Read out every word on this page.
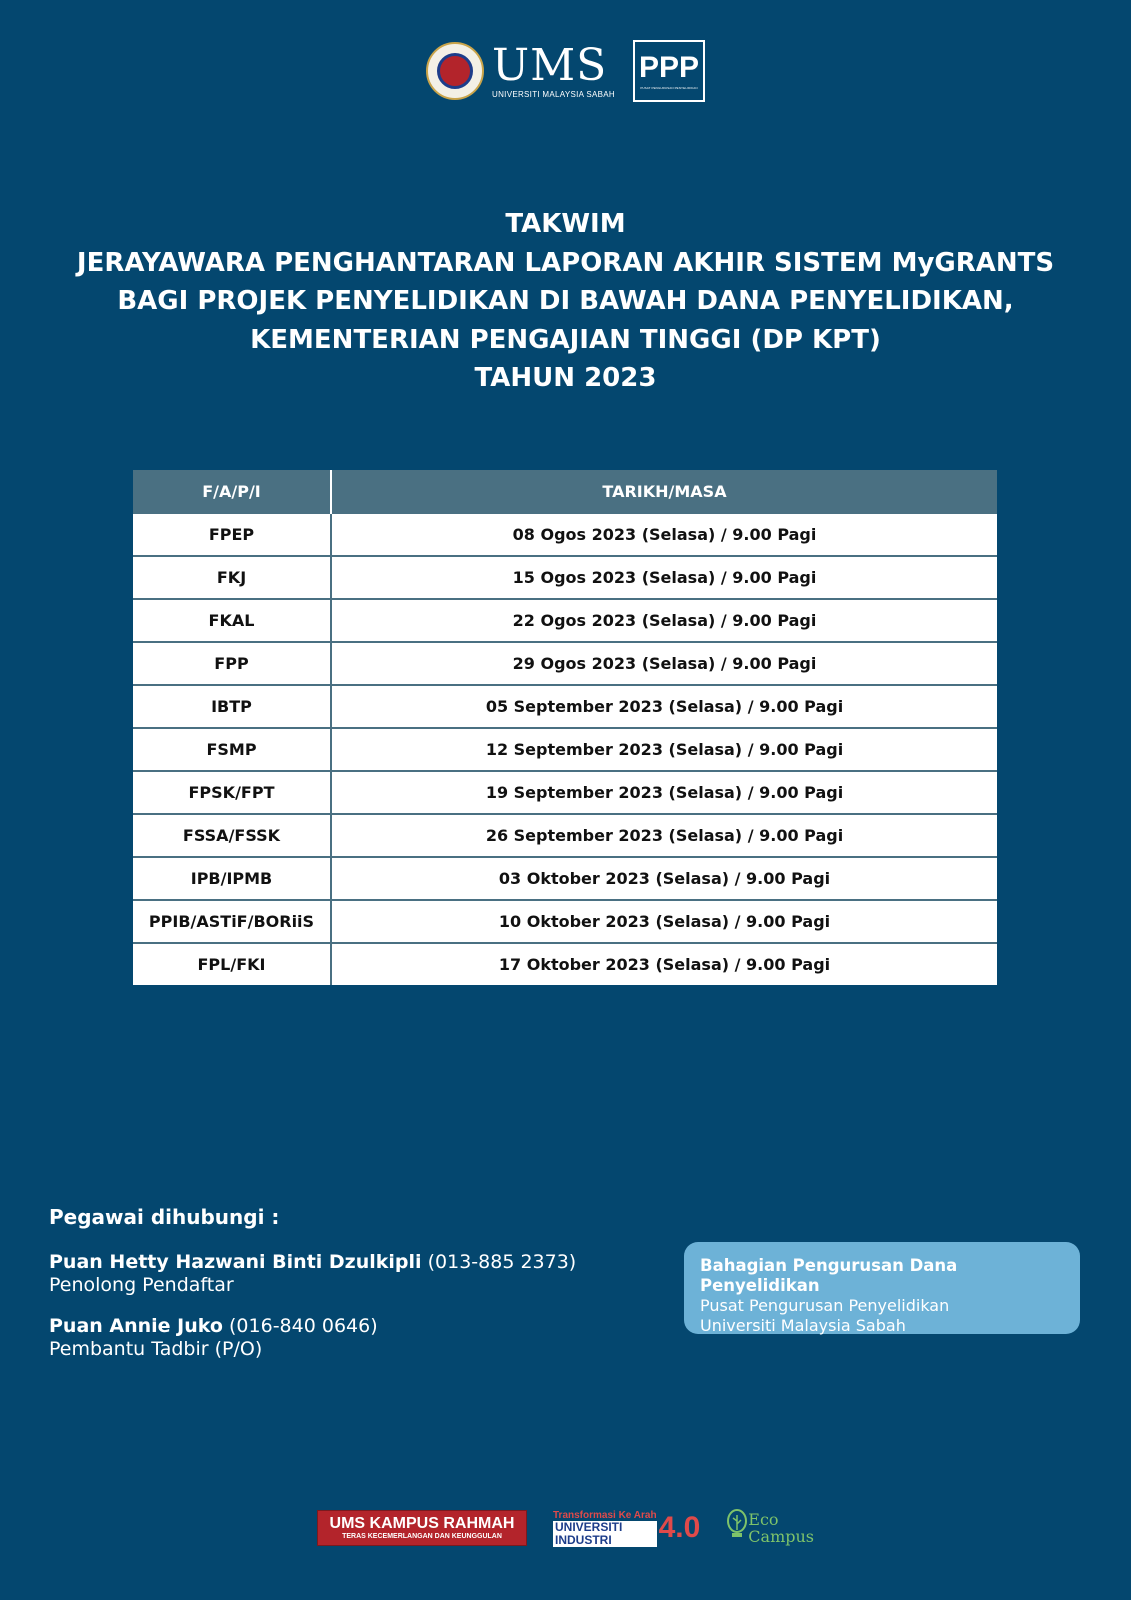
UMS
UNIVERSITI MALAYSIA SABAH
PPP
PUSAT PENGURUSAN PENYELIDIKAN
TAKWIM
JERAYAWARA PENGHANTARAN LAPORAN AKHIR SISTEM MyGRANTS
BAGI PROJEK PENYELIDIKAN DI BAWAH DANA PENYELIDIKAN,
KEMENTERIAN PENGAJIAN TINGGI (DP KPT)
TAHUN 2023
F/A/P/I	TARIKH/MASA
FPEP	08 Ogos 2023 (Selasa) / 9.00 Pagi
FKJ	15 Ogos 2023 (Selasa) / 9.00 Pagi
FKAL	22 Ogos 2023 (Selasa) / 9.00 Pagi
FPP	29 Ogos 2023 (Selasa) / 9.00 Pagi
IBTP	05 September 2023 (Selasa) / 9.00 Pagi
FSMP	12 September 2023 (Selasa) / 9.00 Pagi
FPSK/FPT	19 September 2023 (Selasa) / 9.00 Pagi
FSSA/FSSK	26 September 2023 (Selasa) / 9.00 Pagi
IPB/IPMB	03 Oktober 2023 (Selasa) / 9.00 Pagi
PPIB/ASTiF/BORiiS	10 Oktober 2023 (Selasa) / 9.00 Pagi
FPL/FKI	17 Oktober 2023 (Selasa) / 9.00 Pagi
Pegawai dihubungi :
Puan Hetty Hazwani Binti Dzulkipli (013-885 2373)
Penolong Pendaftar
Puan Annie Juko (016-840 0646)
Pembantu Tadbir (P/O)
Bahagian Pengurusan Dana Penyelidikan
Pusat Pengurusan Penyelidikan
Universiti Malaysia Sabah
UMS KAMPUS RAHMAH
TERAS KECEMERLANGAN DAN KEUNGGULAN
Transformasi Ke Arah
UNIVERSITI
INDUSTRI	4.0	Eco
Campus
